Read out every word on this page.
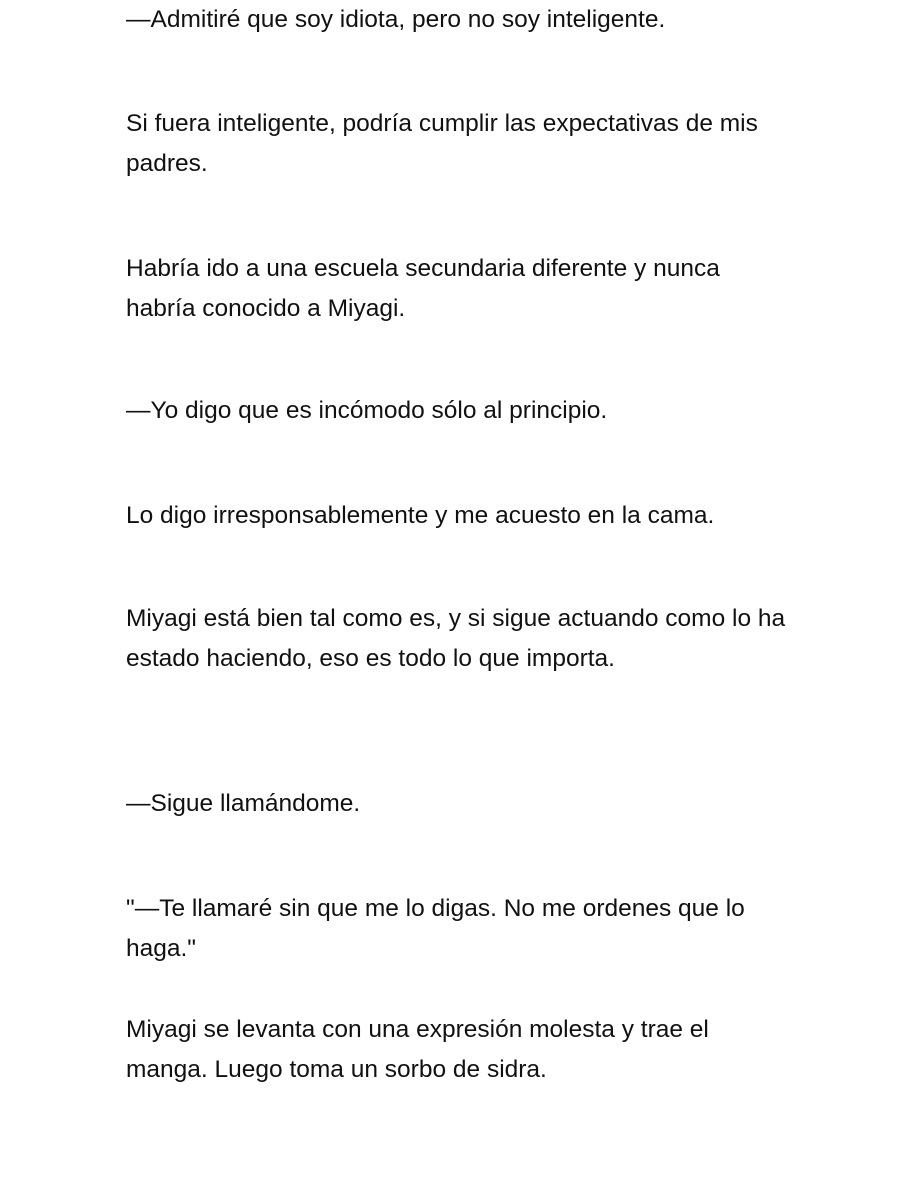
—Admitiré que soy idiota, pero no soy inteligente.

Si fuera inteligente, podría cumplir las expectativas de mis padres.

Habría ido a una escuela secundaria diferente y nunca habría conocido a Miyagi.

—Yo digo que es incómodo sólo al principio.

Lo digo irresponsablemente y me acuesto en la cama.

Miyagi está bien tal como es, y si sigue actuando como lo ha estado haciendo, eso es todo lo que importa.

—Sigue llamándome.

"—Te llamaré sin que me lo digas. No me ordenes que lo haga."

Miyagi se levanta con una expresión molesta y trae el manga. Luego toma un sorbo de sidra.
